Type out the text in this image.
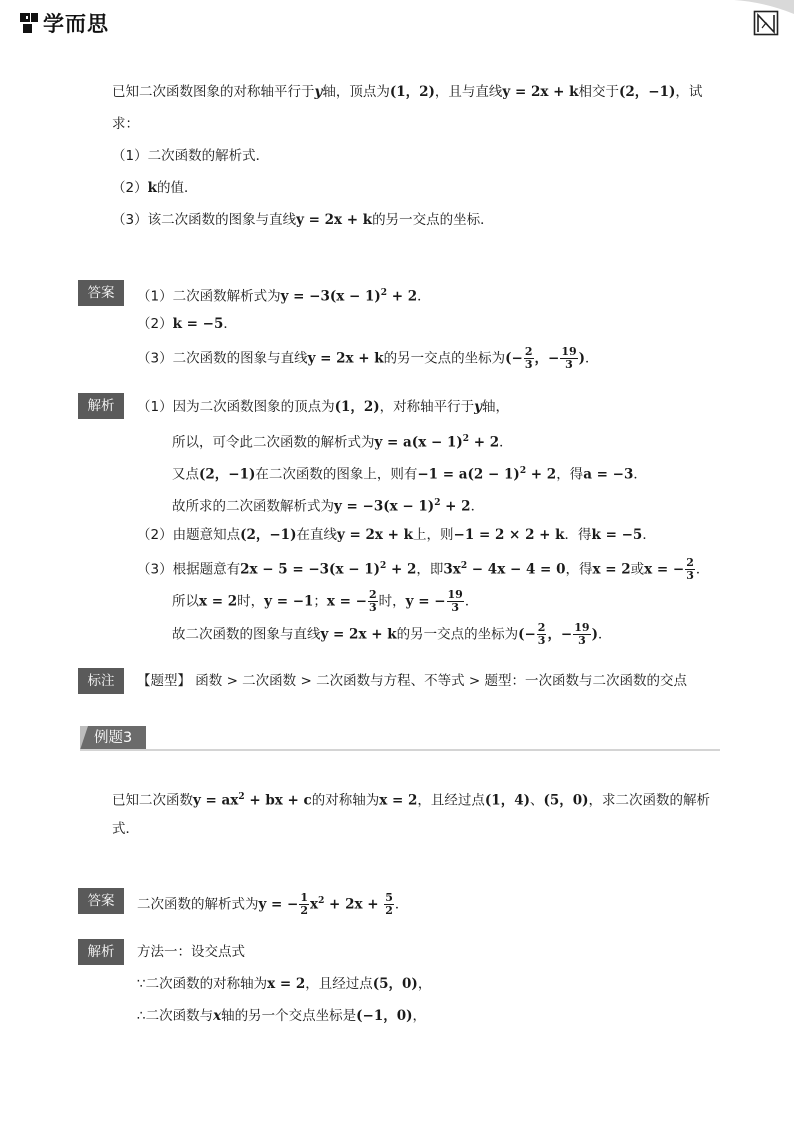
学而思
已知二次函数图象的对称轴平行于y轴，顶点为(1，2)，且与直线y = 2x + k相交于(2，−1)，试
求：
（1）二次函数的解析式．
（2）k的值．
（3）该二次函数的图象与直线y = 2x + k的另一交点的坐标．
答案	（1）二次函数解析式为$y = -3(x - 1)^2 + 2$．
（2）k = −5．
（3）二次函数的图象与直线y = 2x + k的另一交点的坐标为(− $\frac{2}{3}$ ，− $\frac{19}{3}$ )．
解析	（1）因为二次函数图象的顶点为(1，2)，对称轴平行于y轴，
所以，可令此二次函数的解析式为$y = a(x - 1)^2 + 2$．
又点(2，−1)在二次函数的图象上，则有$-1 = a(2 - 1)^2 + 2$，得a = −3．
故所求的二次函数解析式为$y = -3(x - 1)^2 + 2$．
（2）由题意知点(2，−1)在直线y = 2x + k上，则−1 = 2 × 2 + k．得k = −5．
（3）根据题意有$2x - 5 = -3(x - 1)^2 + 2$，即$3x^2 - 4x - 4 = 0$，得x = 2或x = − $\frac{2}{3}$ ．
所以x = 2时，y = −1；x = − $\frac{2}{3}$ 时，y = − $\frac{19}{3}$ ．
故二次函数的图象与直线y = 2x + k的另一交点的坐标为(− $\frac{2}{3}$ ，− $\frac{19}{3}$ )．
标注	【题型】 函数 > 二次函数 > 二次函数与方程、不等式 > 题型：一次函数与二次函数的交点
例题3
已知二次函数$y = ax^2$ + bx + c的对称轴为x = 2，且经过点(1，4)、(5，0)，求二次函数的解析
式．
答案	二次函数的解析式为y = − $\frac{1}{2} x^2 + 2x + \frac{5}{2}$ ．
解析	方法一：设交点式
∵二次函数的对称轴为x = 2，且经过点(5，0)，
∴二次函数与x轴的另一个交点坐标是(−1，0)，
